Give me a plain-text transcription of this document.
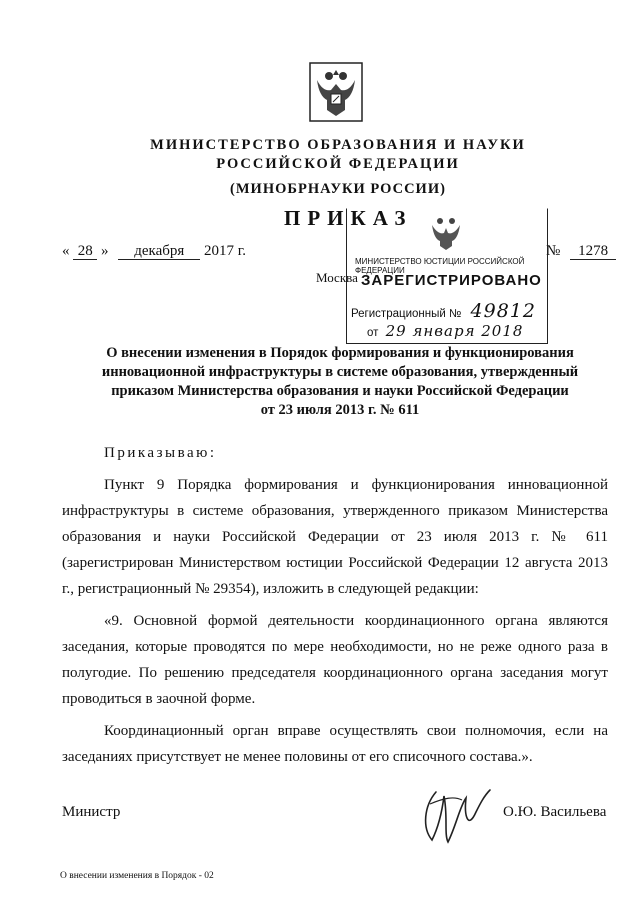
МИНИСТЕРСТВО ОБРАЗОВАНИЯ И НАУКИ
РОССИЙСКОЙ ФЕДЕРАЦИИ
(МИНОБРНАУКИ РОССИИ)
ПРИКАЗ
« 28 » декабря 2017 г.	№ 1278
Москва
МИНИСТЕРСТВО ЮСТИЦИИ РОССИЙСКОЙ ФЕДЕРАЦИИ
ЗАРЕГИСТРИРОВАНО
Регистрационный № 49812
от 29 января 2018
О внесении изменения в Порядок формирования и функционирования
инновационной инфраструктуры в системе образования, утвержденный
приказом Министерства образования и науки Российской Федерации
от 23 июля 2013 г. № 611

Приказываю:

Пункт 9 Порядка формирования и функционирования инновационной инфраструктуры в системе образования, утвержденного приказом Министерства образования и науки Российской Федерации от 23 июля 2013 г. № 611 (зарегистрирован Министерством юстиции Российской Федерации 12 августа 2013 г., регистрационный № 29354), изложить в следующей редакции:

«9. Основной формой деятельности координационного органа являются заседания, которые проводятся по мере необходимости, но не реже одного раза в полугодие. По решению председателя координационного органа заседания могут проводиться в заочной форме.

Координационный орган вправе осуществлять свои полномочия, если на заседаниях присутствует не менее половины от его списочного состава.».

Министр	О.Ю. Васильева
О внесении изменения в Порядок - 02
